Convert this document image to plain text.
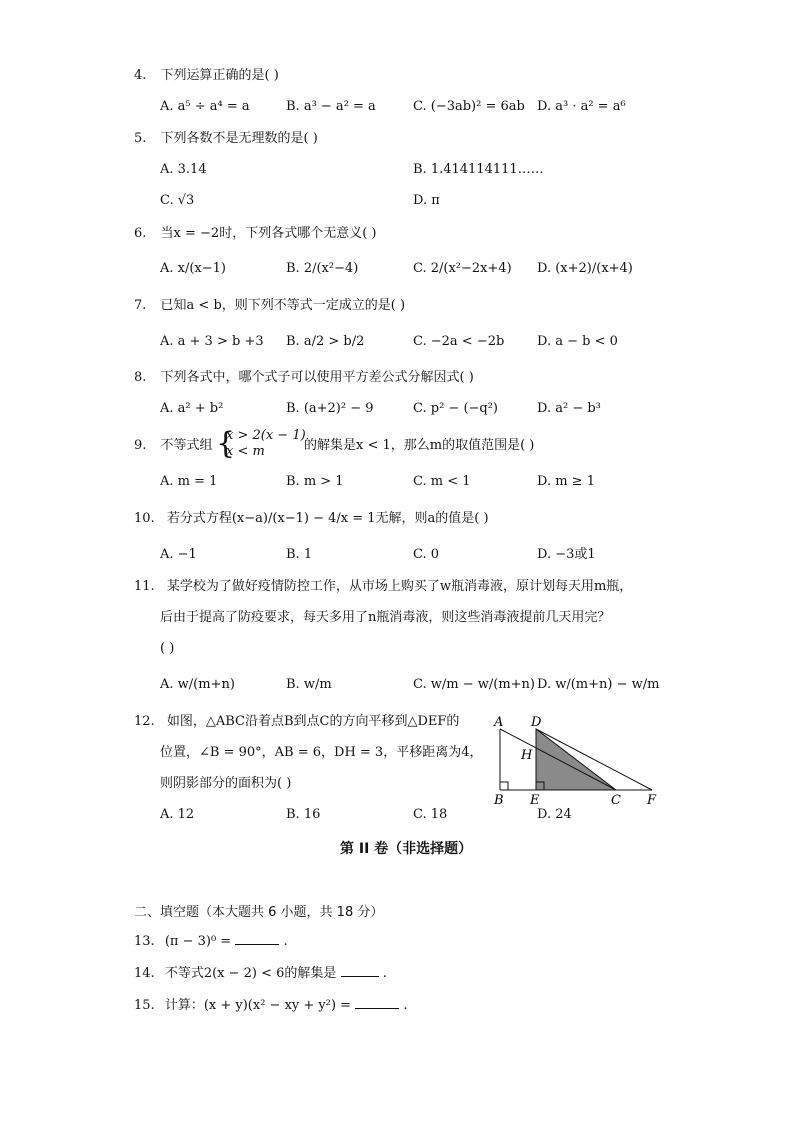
4. 下列运算正确的是( )
A. a⁵ ÷ a⁴ = a	B. a³ − a² = a	C. (−3ab)² = 6ab D. a³ · a² = a⁶
5. 下列各数不是无理数的是( )
A. 3.14	B. 1.414114111……
C. √3	D. π
6. 当x = −2时，下列各式哪个无意义( )
A. x/(x−1)	B. 2/(x²−4)	C. 2/(x²−2x+4) D. (x+2)/(x+4)
7. 已知a < b，则下列不等式一定成立的是( )
A. a + 3 > b +3 B. a/2 > b/2	C. −2a < −2b	D. a − b < 0
8. 下列各式中，哪个式子可以使用平方差公式分解因式( )
A. a² + b²	B. (a+2)² − 9	C. p² − (−q²)	D. a² − b³
9. 不等式组 {
x > 2(x − 1)
x < m	的解集是x < 1，那么m的取值范围是( )
A. m = 1	B. m > 1	C. m < 1	D. m ≥ 1
10. 若分式方程(x−a)/(x−1) − 4/x = 1无解，则a的值是( )
A. −1	B. 1	C. 0	D. −3或1
11. 某学校为了做好疫情防控工作，从市场上购买了w瓶消毒液，原计划每天用m瓶，
后由于提高了防疫要求，每天多用了n瓶消毒液，则这些消毒液提前几天用完？
( )
A. w/(m+n)	B. w/m	C. w/m − w/(m+n) D. w/(m+n) − w/m
12. 如图，△ABC沿着点B到点C的方向平移到△DEF的
位置，∠B = 90°，AB = 6，DH = 3，平移距离为4，
则阴影部分的面积为( )
A. 12	B. 16	C. 18	D. 24
A D
H
B E	C F
第 II 卷（非选择题）
二、填空题（本大题共 6 小题，共 18 分）
13. (π − 3)⁰ =	.
14. 不等式2(x − 2) < 6的解集是	.
15. 计算：(x + y)(x² − xy + y²) =	.
